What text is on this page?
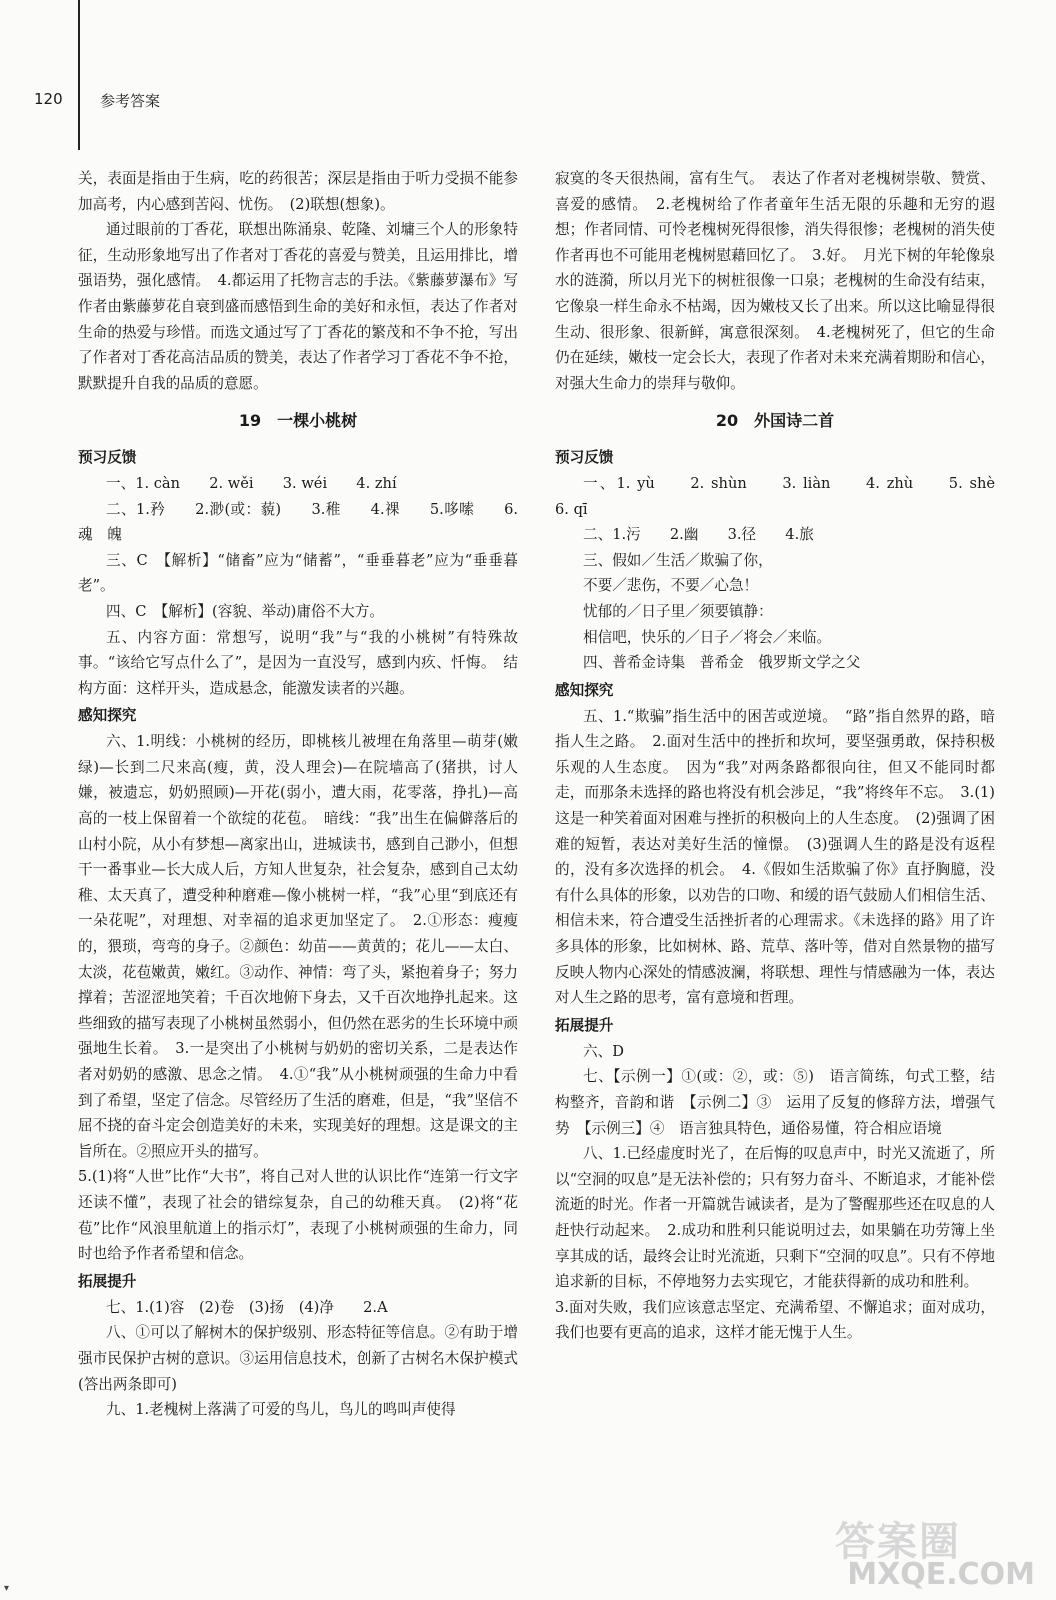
120 参考答案

关，表面是指由于生病，吃的药很苦；深层是指由于听力受损不能参加高考，内心感到苦闷、忧伤。　(2)联想(想象)。

通过眼前的丁香花，联想出陈涌泉、乾隆、刘墉三个人的形象特征，生动形象地写出了作者对丁香花的喜爱与赞美，且运用排比，增强语势，强化感情。　4.都运用了托物言志的手法。《紫藤萝瀑布》写作者由紫藤萝花自衰到盛而感悟到生命的美好和永恒，表达了作者对生命的热爱与珍惜。而选文通过写了丁香花的繁茂和不争不抢，写出了作者对丁香花高洁品质的赞美，表达了作者学习丁香花不争不抢，默默提升自我的品质的意愿。

19　一棵小桃树
预习反馈

一、1. càn　　2. wěi　　3. wéi　　4. zhí

二、1.矜　　2.渺(或：藐)　　3.稚　　4.祼　　5.哆嗦　　6.魂　魄

三、C　【解析】“储畜”应为“储蓄”，“垂垂暮老”应为“垂垂暮老”。

四、C　【解析】(容貌、举动)庸俗不大方。

五、内容方面：常想写，说明“我”与“我的小桃树”有特殊故事。“该给它写点什么了”，是因为一直没写，感到内疚、忏悔。　结构方面：这样开头，造成悬念，能激发读者的兴趣。

感知探究

六、1.明线：小桃树的经历，即桃核儿被埋在角落里—萌芽(嫩绿)—长到二尺来高(瘦，黄，没人理会)—在院墙高了(猪拱，讨人嫌，被遗忘，奶奶照顾)—开花(弱小，遭大雨，花零落，挣扎)—高高的一枝上保留着一个欲绽的花苞。　暗线：“我”出生在偏僻落后的山村小院，从小有梦想—离家出山，进城读书，感到自己渺小，但想干一番事业—长大成人后，方知人世复杂，社会复杂，感到自己太幼稚、太天真了，遭受种种磨难—像小桃树一样，“我”心里“到底还有一朵花呢”，对理想、对幸福的追求更加坚定了。　2.①形态：瘦瘦的，猥琐，弯弯的身子。②颜色：幼苗——黄黄的；花儿——太白、太淡，花苞嫩黄，嫩红。③动作、神情：弯了头，紧抱着身子；努力撑着；苦涩涩地笑着；千百次地俯下身去，又千百次地挣扎起来。这些细致的描写表现了小桃树虽然弱小，但仍然在恶劣的生长环境中顽强地生长着。　3.一是突出了小桃树与奶奶的密切关系，二是表达作者对奶奶的感激、思念之情。　4.①“我”从小桃树顽强的生命力中看到了希望，坚定了信念。尽管经历了生活的磨难，但是，“我”坚信不屈不挠的奋斗定会创造美好的未来，实现美好的理想。这是课文的主旨所在。②照应开头的描写。

5.(1)将“人世”比作“大书”，将自己对人世的认识比作“连第一行文字还读不懂”，表现了社会的错综复杂，自己的幼稚天真。　(2)将“花苞”比作“风浪里航道上的指示灯”，表现了小桃树顽强的生命力，同时也给予作者希望和信念。

拓展提升

七、1.(1)容　(2)卷　(3)扬　(4)净　　2.A

八、①可以了解树木的保护级别、形态特征等信息。②有助于增强市民保护古树的意识。③运用信息技术，创新了古树名木保护模式　(答出两条即可)

九、1.老槐树上落满了可爱的鸟儿，鸟儿的鸣叫声使得

寂寞的冬天很热闹，富有生气。　表达了作者对老槐树崇敬、赞赏、喜爱的感情。　2.老槐树给了作者童年生活无限的乐趣和无穷的遐想；作者同情、可怜老槐树死得很惨，消失得很惨；老槐树的消失使作者再也不可能用老槐树慰藉回忆了。　3.好。　月光下树的年轮像泉水的涟漪，所以月光下的树桩很像一口泉；老槐树的生命没有结束，它像泉一样生命永不枯竭，因为嫩枝又长了出来。所以这比喻显得很生动、很形象、很新鲜，寓意很深刻。　4.老槐树死了，但它的生命仍在延续，嫩枝一定会长大，表现了作者对未来充满着期盼和信心，对强大生命力的崇拜与敬仰。

20　外国诗二首
预习反馈

一、1. yù　　2. shùn　　3. liàn　　4. zhù　　5. shè　　6. qī

二、1.污　　2.幽　　3.径　　4.旅

三、假如／生活／欺骗了你，

不要／悲伤，不要／心急！

忧郁的／日子里／须要镇静：

相信吧，快乐的／日子／将会／来临。

四、普希金诗集　普希金　俄罗斯文学之父

感知探究

五、1.“欺骗”指生活中的困苦或逆境。　“路”指自然界的路，暗指人生之路。　2.面对生活中的挫折和坎坷，要坚强勇敢，保持积极乐观的人生态度。　因为“我”对两条路都很向往，但又不能同时都走，而那条未选择的路也将没有机会涉足，“我”将终年不忘。　3.(1)这是一种笑着面对困难与挫折的积极向上的人生态度。　(2)强调了困难的短暂，表达对美好生活的憧憬。　(3)强调人生的路是没有返程的，没有多次选择的机会。　4.《假如生活欺骗了你》直抒胸臆，没有什么具体的形象，以劝告的口吻、和缓的语气鼓励人们相信生活、相信未来，符合遭受生活挫折者的心理需求。《未选择的路》用了许多具体的形象，比如树林、路、荒草、落叶等，借对自然景物的描写反映人物内心深处的情感波澜，将联想、理性与情感融为一体，表达对人生之路的思考，富有意境和哲理。

拓展提升

六、D

七、【示例一】①(或：②，或：⑤)　语言简练，句式工整，结构整齐，音韵和谐　【示例二】③　运用了反复的修辞方法，增强气势　【示例三】④　语言独具特色，通俗易懂，符合相应语境

八、1.已经虚度时光了，在后悔的叹息声中，时光又流逝了，所以“空洞的叹息”是无法补偿的；只有努力奋斗、不断追求，才能补偿流逝的时光。作者一开篇就告诫读者，是为了警醒那些还在叹息的人赶快行动起来。　2.成功和胜利只能说明过去，如果躺在功劳簿上坐享其成的话，最终会让时光流逝，只剩下“空洞的叹息”。只有不停地追求新的目标，不停地努力去实现它，才能获得新的成功和胜利。

3.面对失败，我们应该意志坚定、充满希望、不懈追求；面对成功，我们也要有更高的追求，这样才能无愧于人生。

答案圈
MXQE.COM
▾
